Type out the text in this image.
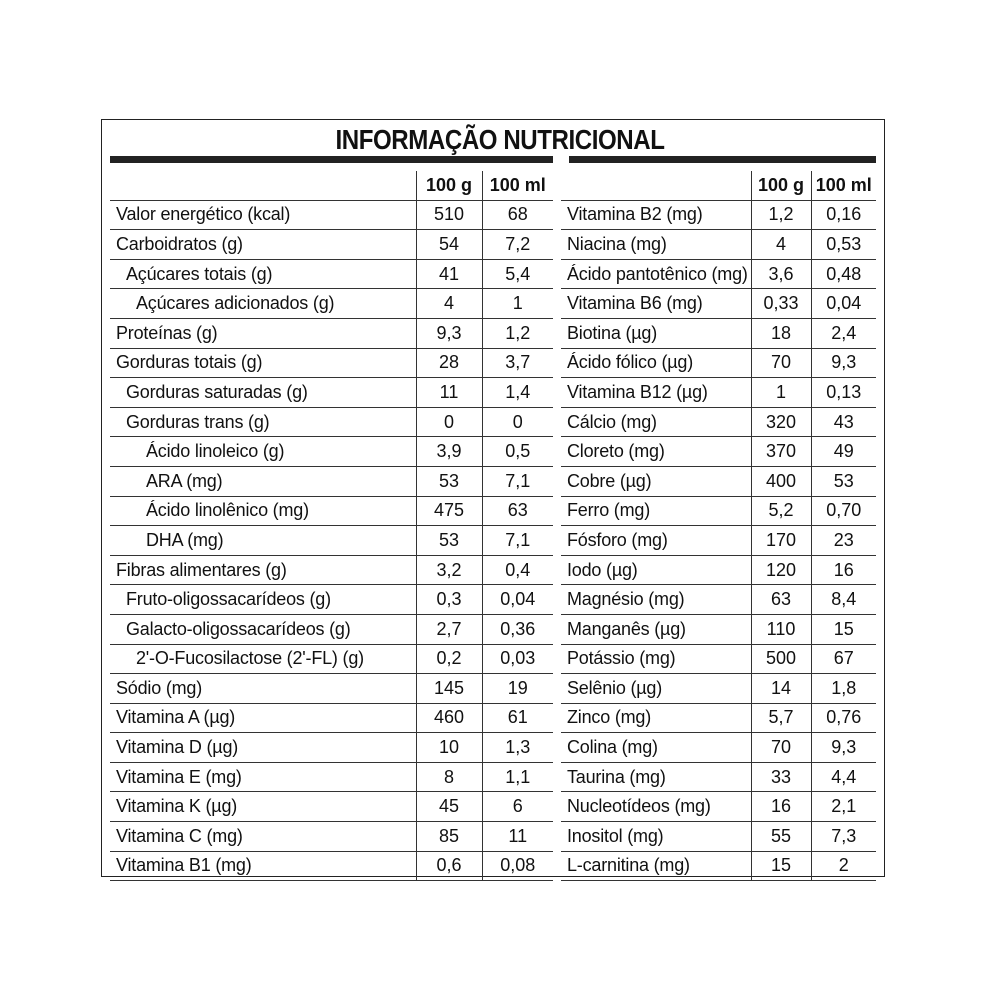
INFORMAÇÃO NUTRICIONAL
	100 g	100 ml
Valor energético (kcal)	510	68
Carboidratos (g)	54	7,2
Açúcares totais (g)	41	5,4
Açúcares adicionados (g)	4	1
Proteínas (g)	9,3	1,2
Gorduras totais (g)	28	3,7
Gorduras saturadas (g)	11	1,4
Gorduras trans (g)	0	0
Ácido linoleico (g)	3,9	0,5
ARA (mg)	53	7,1
Ácido linolênico (mg)	475	63
DHA (mg)	53	7,1
Fibras alimentares (g)	3,2	0,4
Fruto-oligossacarídeos (g)	0,3	0,04
Galacto-oligossacarídeos (g)	2,7	0,36
2'-O-Fucosilactose (2'-FL) (g)	0,2	0,03
Sódio (mg)	145	19
Vitamina A (µg)	460	61
Vitamina D (µg)	10	1,3
Vitamina E (mg)	8	1,1
Vitamina K (µg)	45	6
Vitamina C (mg)	85	11
Vitamina B1 (mg)	0,6	0,08
	100 g	100 ml
Vitamina B2 (mg)	1,2	0,16
Niacina (mg)	4	0,53
Ácido pantotênico (mg)	3,6	0,48
Vitamina B6 (mg)	0,33	0,04
Biotina (µg)	18	2,4
Ácido fólico (µg)	70	9,3
Vitamina B12 (µg)	1	0,13
Cálcio (mg)	320	43
Cloreto (mg)	370	49
Cobre (µg)	400	53
Ferro (mg)	5,2	0,70
Fósforo (mg)	170	23
Iodo (µg)	120	16
Magnésio (mg)	63	8,4
Manganês (µg)	110	15
Potássio (mg)	500	67
Selênio (µg)	14	1,8
Zinco (mg)	5,7	0,76
Colina (mg)	70	9,3
Taurina (mg)	33	4,4
Nucleotídeos (mg)	16	2,1
Inositol (mg)	55	7,3
L-carnitina (mg)	15	2
